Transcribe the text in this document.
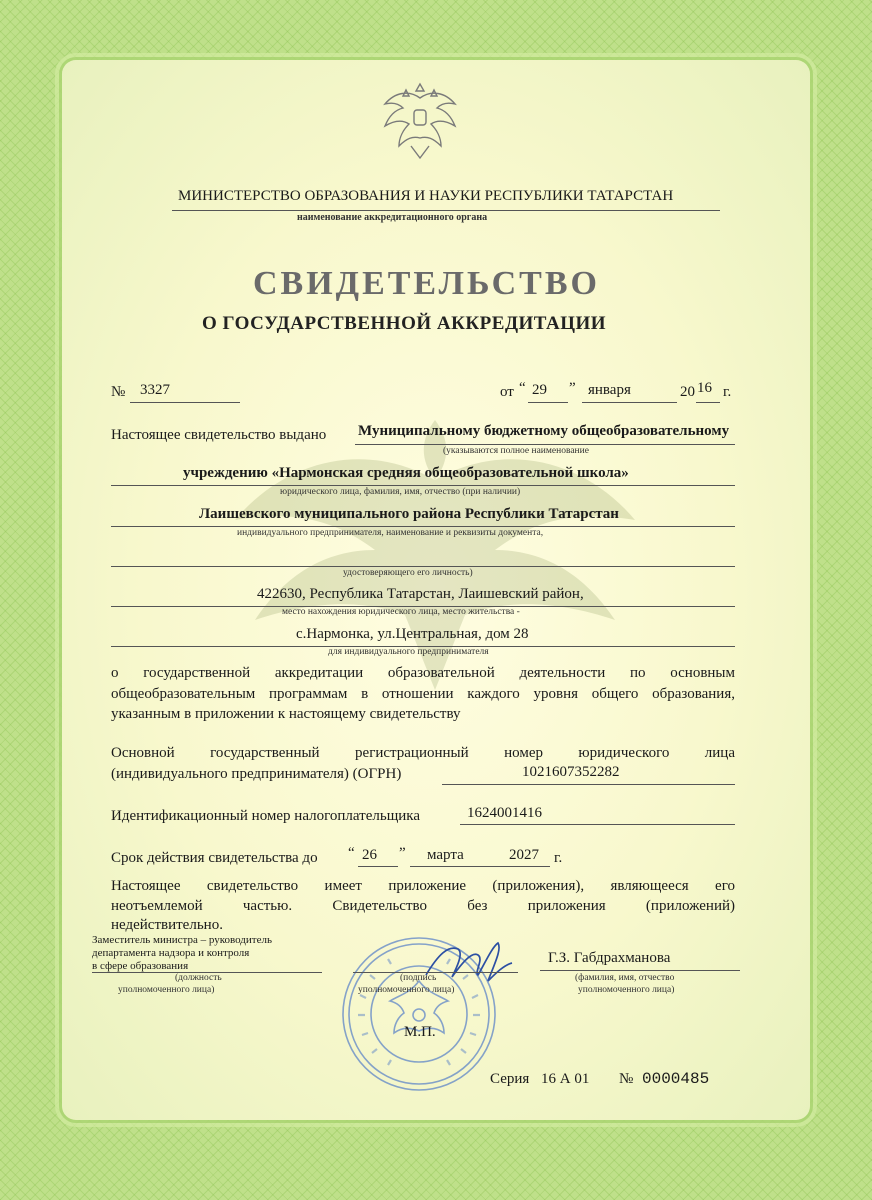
МИНИСТЕРСТВО ОБРАЗОВАНИЯ И НАУКИ РЕСПУБЛИКИ ТАТАРСТАН
наименование аккредитационного органа
СВИДЕТЕЛЬСТВО
О ГОСУДАРСТВЕННОЙ АККРЕДИТАЦИИ
№ 3327	от “ 29 ” января	20 16 г.
Настоящее свидетельство выдано Муниципальному бюджетному общеобразовательному
(указываются полное наименование
учреждению «Нармонская средняя общеобразовательной школа»
юридического лица, фамилия, имя, отчество (при наличии)
Лаишевского муниципального района Республики Татарстан
индивидуального предпринимателя, наименование и реквизиты документа,
удостоверяющего его личность)
422630, Республика Татарстан, Лаишевский район,
место нахождения юридического лица, место жительства -
с.Нармонка, ул.Центральная, дом 28
для индивидуального предпринимателя
о государственной аккредитации образовательной деятельности по основным
общеобразовательным программам в отношении каждого уровня общего образования,
указанным в приложении к настоящему свидетельству
Основной государственный регистрационный номер юридического лица
(индивидуального предпринимателя) (ОГРН)	1021607352282
Идентификационный номер налогоплательщика	1624001416
Срок действия свидетельства до “ 26 ” марта	2027 г.
Настоящее свидетельство имеет приложение (приложения), являющееся его
неотъемлемой частью. Свидетельство без приложения (приложений)
недействительно.
Заместитель министра – руководитель
департамента надзора и контроля
в сфере образования
(должность
уполномоченного лица)
(подпись
уполномоченного лица)
Г.З. Габдрахманова
(фамилия, имя, отчество
уполномоченного лица)
М.П.
Серия 16 А 01 № 0000485
